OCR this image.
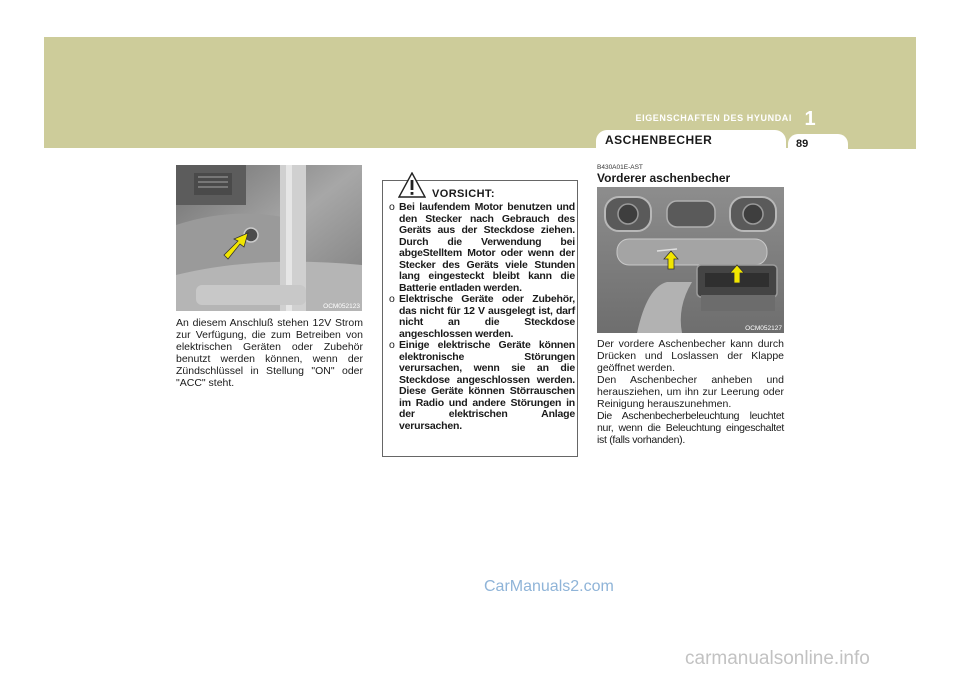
EIGENSCHAFTEN DES HYUNDAI 1
ASCHENBECHER	89
OCM052123
An diesem Anschluß stehen 12V Strom zur Verfügung, die zum Betreiben von elektrischen Geräten oder Zubehör benutzt werden können, wenn der Zündschlüssel in Stellung "ON" oder "ACC" steht.
VORSICHT:
o Bei laufendem Motor benutzen und den Stecker nach Gebrauch des Geräts aus der Steckdose ziehen. Durch die Verwendung bei abgeStelltem Motor oder wenn der Stecker des Geräts viele Stunden lang eingesteckt bleibt kann die Batterie entladen werden.
o Elektrische Geräte oder Zubehör, das nicht für 12 V ausgelegt ist, darf nicht an die Steckdose angeschlossen werden.
o Einige elektrische Geräte können elektronische Störungen verursachen, wenn sie an die Steckdose angeschlossen werden. Diese Geräte können Störrauschen im Radio und andere Störungen in der elektrischen Anlage verursachen.
B430A01E-AST
Vorderer aschenbecher
OCM052127
Der vordere Aschenbecher kann durch Drücken und Loslassen der Klappe geöffnet werden.
Den Aschenbecher anheben und herausziehen, um ihn zur Leerung oder Reinigung herauszunehmen.
Die Aschenbecherbeleuchtung leuchtet nur, wenn die Beleuchtung eingeschaltet ist (falls vorhanden).
CarManuals2.com
carmanualsonline.info
